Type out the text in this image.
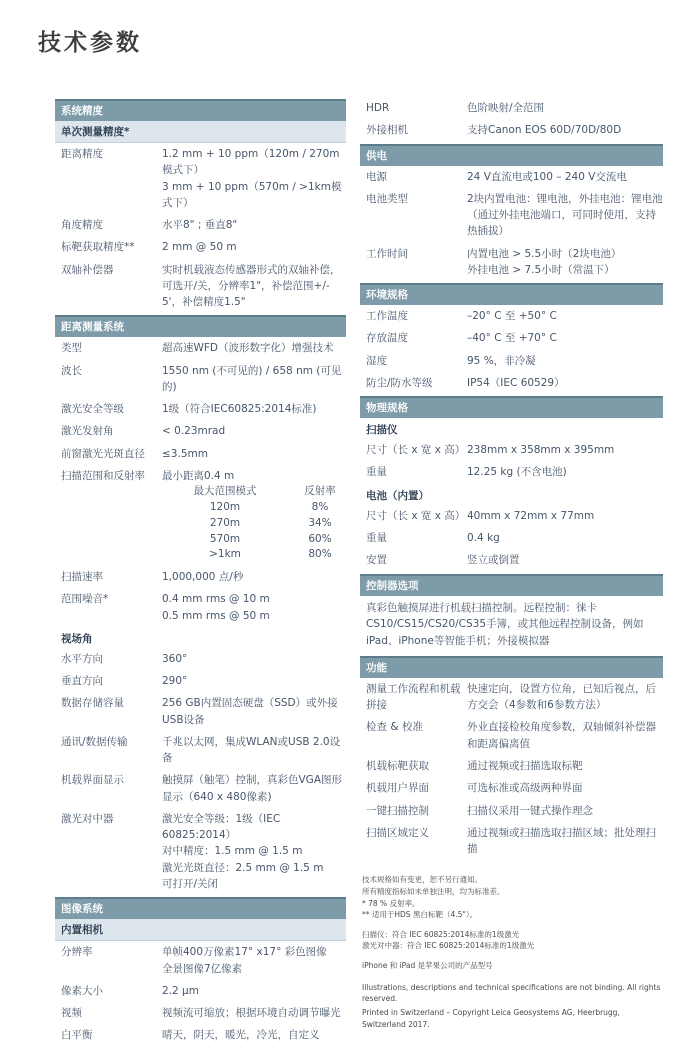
技术参数
系统精度
单次测量精度*
距离精度	1.2 mm + 10 ppm（120m / 270m模式下）
3 mm + 10 ppm（570m / >1km模式下）
角度精度	水平8" ; 垂直8"
标靶获取精度**	2 mm @ 50 m
双轴补偿器	实时机载液态传感器形式的双轴补偿，可选开/关，分辨率1"，补偿范围+/- 5'，补偿精度1.5"
距离测量系统
类型	超高速WFD（波形数字化）增强技术
波长	1550 nm (不可见的) / 658 nm (可见的)
激光安全等级	1级（符合IEC60825:2014标准)
激光发射角	< 0.23mrad
前窗激光光斑直径	≤3.5mm
扫描范围和反射率	最小距离0.4 m
最大范围模式	反射率
120m	8%
270m	34%
570m	60%
>1km	80%
扫描速率	1,000,000 点/秒
范围噪音*	0.4 mm rms @ 10 m
0.5 mm rms @ 50 m
视场角
水平方向	360°
垂直方向	290°
数据存储容量	256 GB内置固态硬盘（SSD）或外接USB设备
通讯/数据传输	千兆以太网，集成WLAN或USB 2.0设备
机载界面显示	触摸屏（触笔）控制，真彩色VGA图形显示（640 x 480像素)
激光对中器	激光安全等级：1级（IEC 60825:2014）
对中精度：1.5 mm @ 1.5 m
激光光斑直径：2.5 mm @ 1.5 m
可打开/关闭
图像系统
内置相机
分辨率	单帧400万像素17° x17° 彩色图像
全景图像7亿像素
像素大小	2.2 μm
视频	视频流可缩放；根据环境自动调节曝光
白平衡	晴天，阴天，暖光，冷光，自定义
HDR	色阶映射/全范围
外接相机	支持Canon EOS 60D/70D/80D
供电
电源	24 V直流电或100 – 240 V交流电
电池类型	2块内置电池：锂电池，外挂电池：锂电池（通过外挂电池端口，可同时使用，支持热插拔）
工作时间	内置电池 > 5.5小时（2块电池）
外挂电池 > 7.5小时（常温下）
环境规格
工作温度	–20° C 至 +50° C
存放温度	–40° C 至 +70° C
湿度	95 %，非冷凝
防尘/防水等级	IP54（IEC 60529）
物理规格
扫描仪
尺寸（长 x 宽 x 高） 238mm x 358mm x 395mm
重量	12.25 kg (不含电池)
电池（内置）
尺寸（长 x 宽 x 高） 40mm x 72mm x 77mm
重量	0.4 kg
安置	竖立或倒置
控制器选项
真彩色触摸屏进行机载扫描控制。远程控制：徕卡CS10/CS15/CS20/CS35手簿，或其他远程控制设备，例如iPad、iPhone等智能手机；外接模拟器
功能
测量工作流程和机载拼接
快速定向，设置方位角，已知后视点，后方交会（4参数和6参数方法）
检查 & 校准	外业直接检校角度参数，双轴倾斜补偿器和距离偏离值
机载标靶获取	通过视频或扫描选取标靶
机载用户界面	可选标准或高级两种界面
一键扫描控制	扫描仪采用一键式操作理念
扫描区域定义	通过视频或扫描选取扫描区域；批处理扫描
技术规格如有变更，恕不另行通知。
所有精度指标如未单独注明，均为标准差。
* 78 % 反射率。
** 适用于HDS 黑白标靶（4.5"）。
扫描仪：符合 IEC 60825:2014标准的1级激光
激光对中器：符合 IEC 60825:2014标准的1级激光
iPhone 和 iPad 是苹果公司的产品型号
Illustrations, descriptions and technical specifications are not binding. All rights reserved.
Printed in Switzerland – Copyright Leica Geosystems AG, Heerbrugg, Switzerland 2017.
